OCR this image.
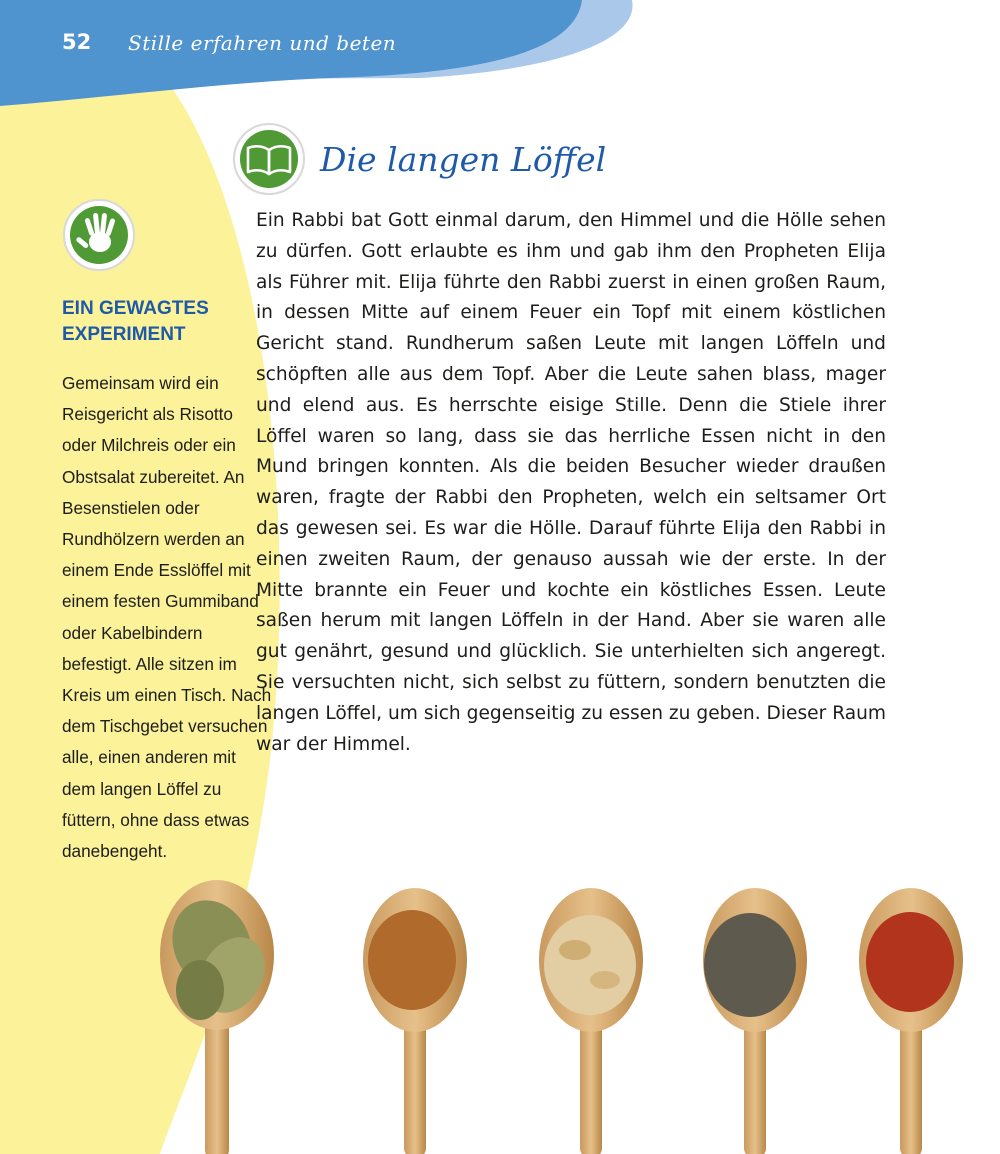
52 Stille erfahren und beten
Die langen Löffel

Ein Rabbi bat Gott einmal darum, den Himmel und die Hölle sehen zu dürfen. Gott erlaubte es ihm und gab ihm den Propheten Elija als Führer mit. Elija führte den Rabbi zuerst in einen großen Raum, in dessen Mitte auf einem Feuer ein Topf mit einem köstlichen Gericht stand. Rundherum saßen Leute mit langen Löffeln und schöpften alle aus dem Topf. Aber die Leute sahen blass, mager und elend aus. Es herrschte eisige Stille. Denn die Stiele ihrer Löffel waren so lang, dass sie das herrliche Essen nicht in den Mund bringen konnten. Als die beiden Besucher wieder draußen waren, fragte der Rabbi den Propheten, welch ein seltsamer Ort das gewesen sei. Es war die Hölle. Darauf führte Elija den Rabbi in einen zweiten Raum, der genauso aussah wie der erste. In der Mitte brannte ein Feuer und kochte ein köstliches Essen. Leute saßen herum mit langen Löffeln in der Hand. Aber sie waren alle gut genährt, gesund und glücklich. Sie unterhielten sich angeregt. Sie versuchten nicht, sich selbst zu füttern, sondern benutzten die langen Löffel, um sich gegenseitig zu essen zu geben. Dieser Raum war der Himmel.

EIN GEWAGTES EXPERIMENT

Gemeinsam wird ein Reisgericht als Risotto oder Milchreis oder ein Obstsalat zubereitet. An Besenstielen oder Rundhölzern werden an einem Ende Esslöffel mit einem festen Gummiband oder Kabelbindern befestigt. Alle sitzen im Kreis um einen Tisch. Nach dem Tischgebet versuchen alle, einen anderen mit dem langen Löffel zu füttern, ohne dass etwas danebengeht.
